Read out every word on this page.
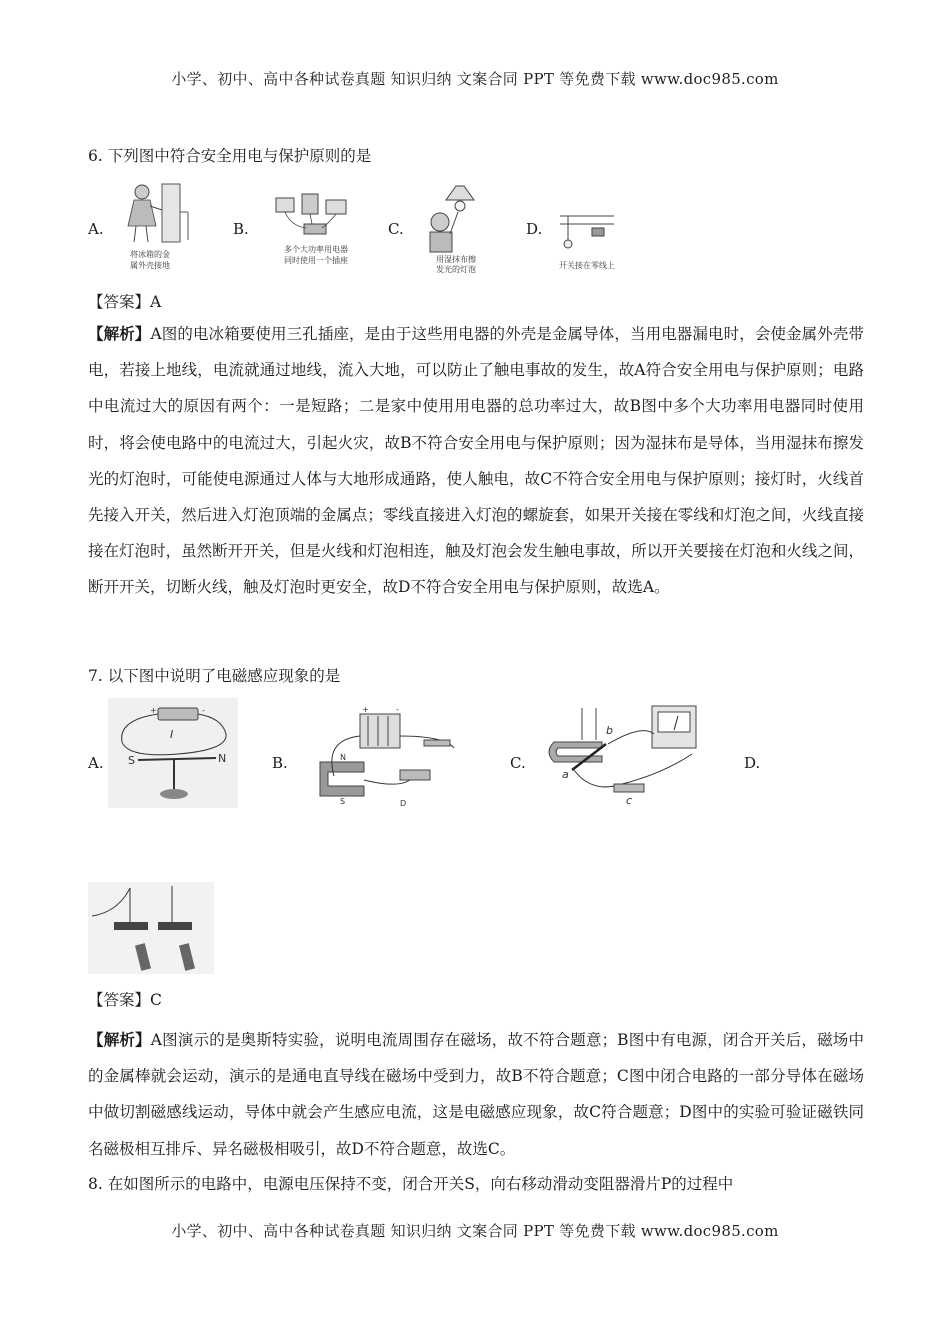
小学、初中、高中各种试卷真题 知识归纳 文案合同 PPT 等免费下载 www.doc985.com
6. 下列图中符合安全用电与保护原则的是
A.
将冰箱的金
属外壳接地
B.
多个大功率用电器
同时使用一个插座
C.
用湿抹布擦
发光的灯泡
D.
开关接在零线上
【答案】A
【解析】A图的电冰箱要使用三孔插座，是由于这些用电器的外壳是金属导体，当用电器漏电时，会使金属外壳带电，若接上地线，电流就通过地线，流入大地，可以防止了触电事故的发生，故A符合安全用电与保护原则；电路中电流过大的原因有两个：一是短路；二是家中使用用电器的总功率过大，故B图中多个大功率用电器同时使用时，将会使电路中的电流过大，引起火灾，故B不符合安全用电与保护原则；因为湿抹布是导体，当用湿抹布擦发光的灯泡时，可能使电源通过人体与大地形成通路，使人触电，故C不符合安全用电与保护原则；接灯时，火线首先接入开关，然后进入灯泡顶端的金属点；零线直接进入灯泡的螺旋套，如果开关接在零线和灯泡之间，火线直接接在灯泡时，虽然断开开关，但是火线和灯泡相连，触及灯泡会发生触电事故，所以开关要接在灯泡和火线之间，断开开关，切断火线，触及灯泡时更安全，故D不符合安全用电与保护原则，故选A。
7. 以下图中说明了电磁感应现象的是
A.
+	-
I
S	N	B.
+	-
N
S	D
C.
a
b
c
D.
【答案】C
【解析】A图演示的是奥斯特实验，说明电流周围存在磁场，故不符合题意；B图中有电源，闭合开关后，磁场中的金属棒就会运动，演示的是通电直导线在磁场中受到力，故B不符合题意；C图中闭合电路的一部分导体在磁场中做切割磁感线运动，导体中就会产生感应电流，这是电磁感应现象，故C符合题意；D图中的实验可验证磁铁同名磁极相互排斥、异名磁极相吸引，故D不符合题意，故选C。
8. 在如图所示的电路中，电源电压保持不变，闭合开关S，向右移动滑动变阻器滑片P的过程中
小学、初中、高中各种试卷真题 知识归纳 文案合同 PPT 等免费下载 www.doc985.com
